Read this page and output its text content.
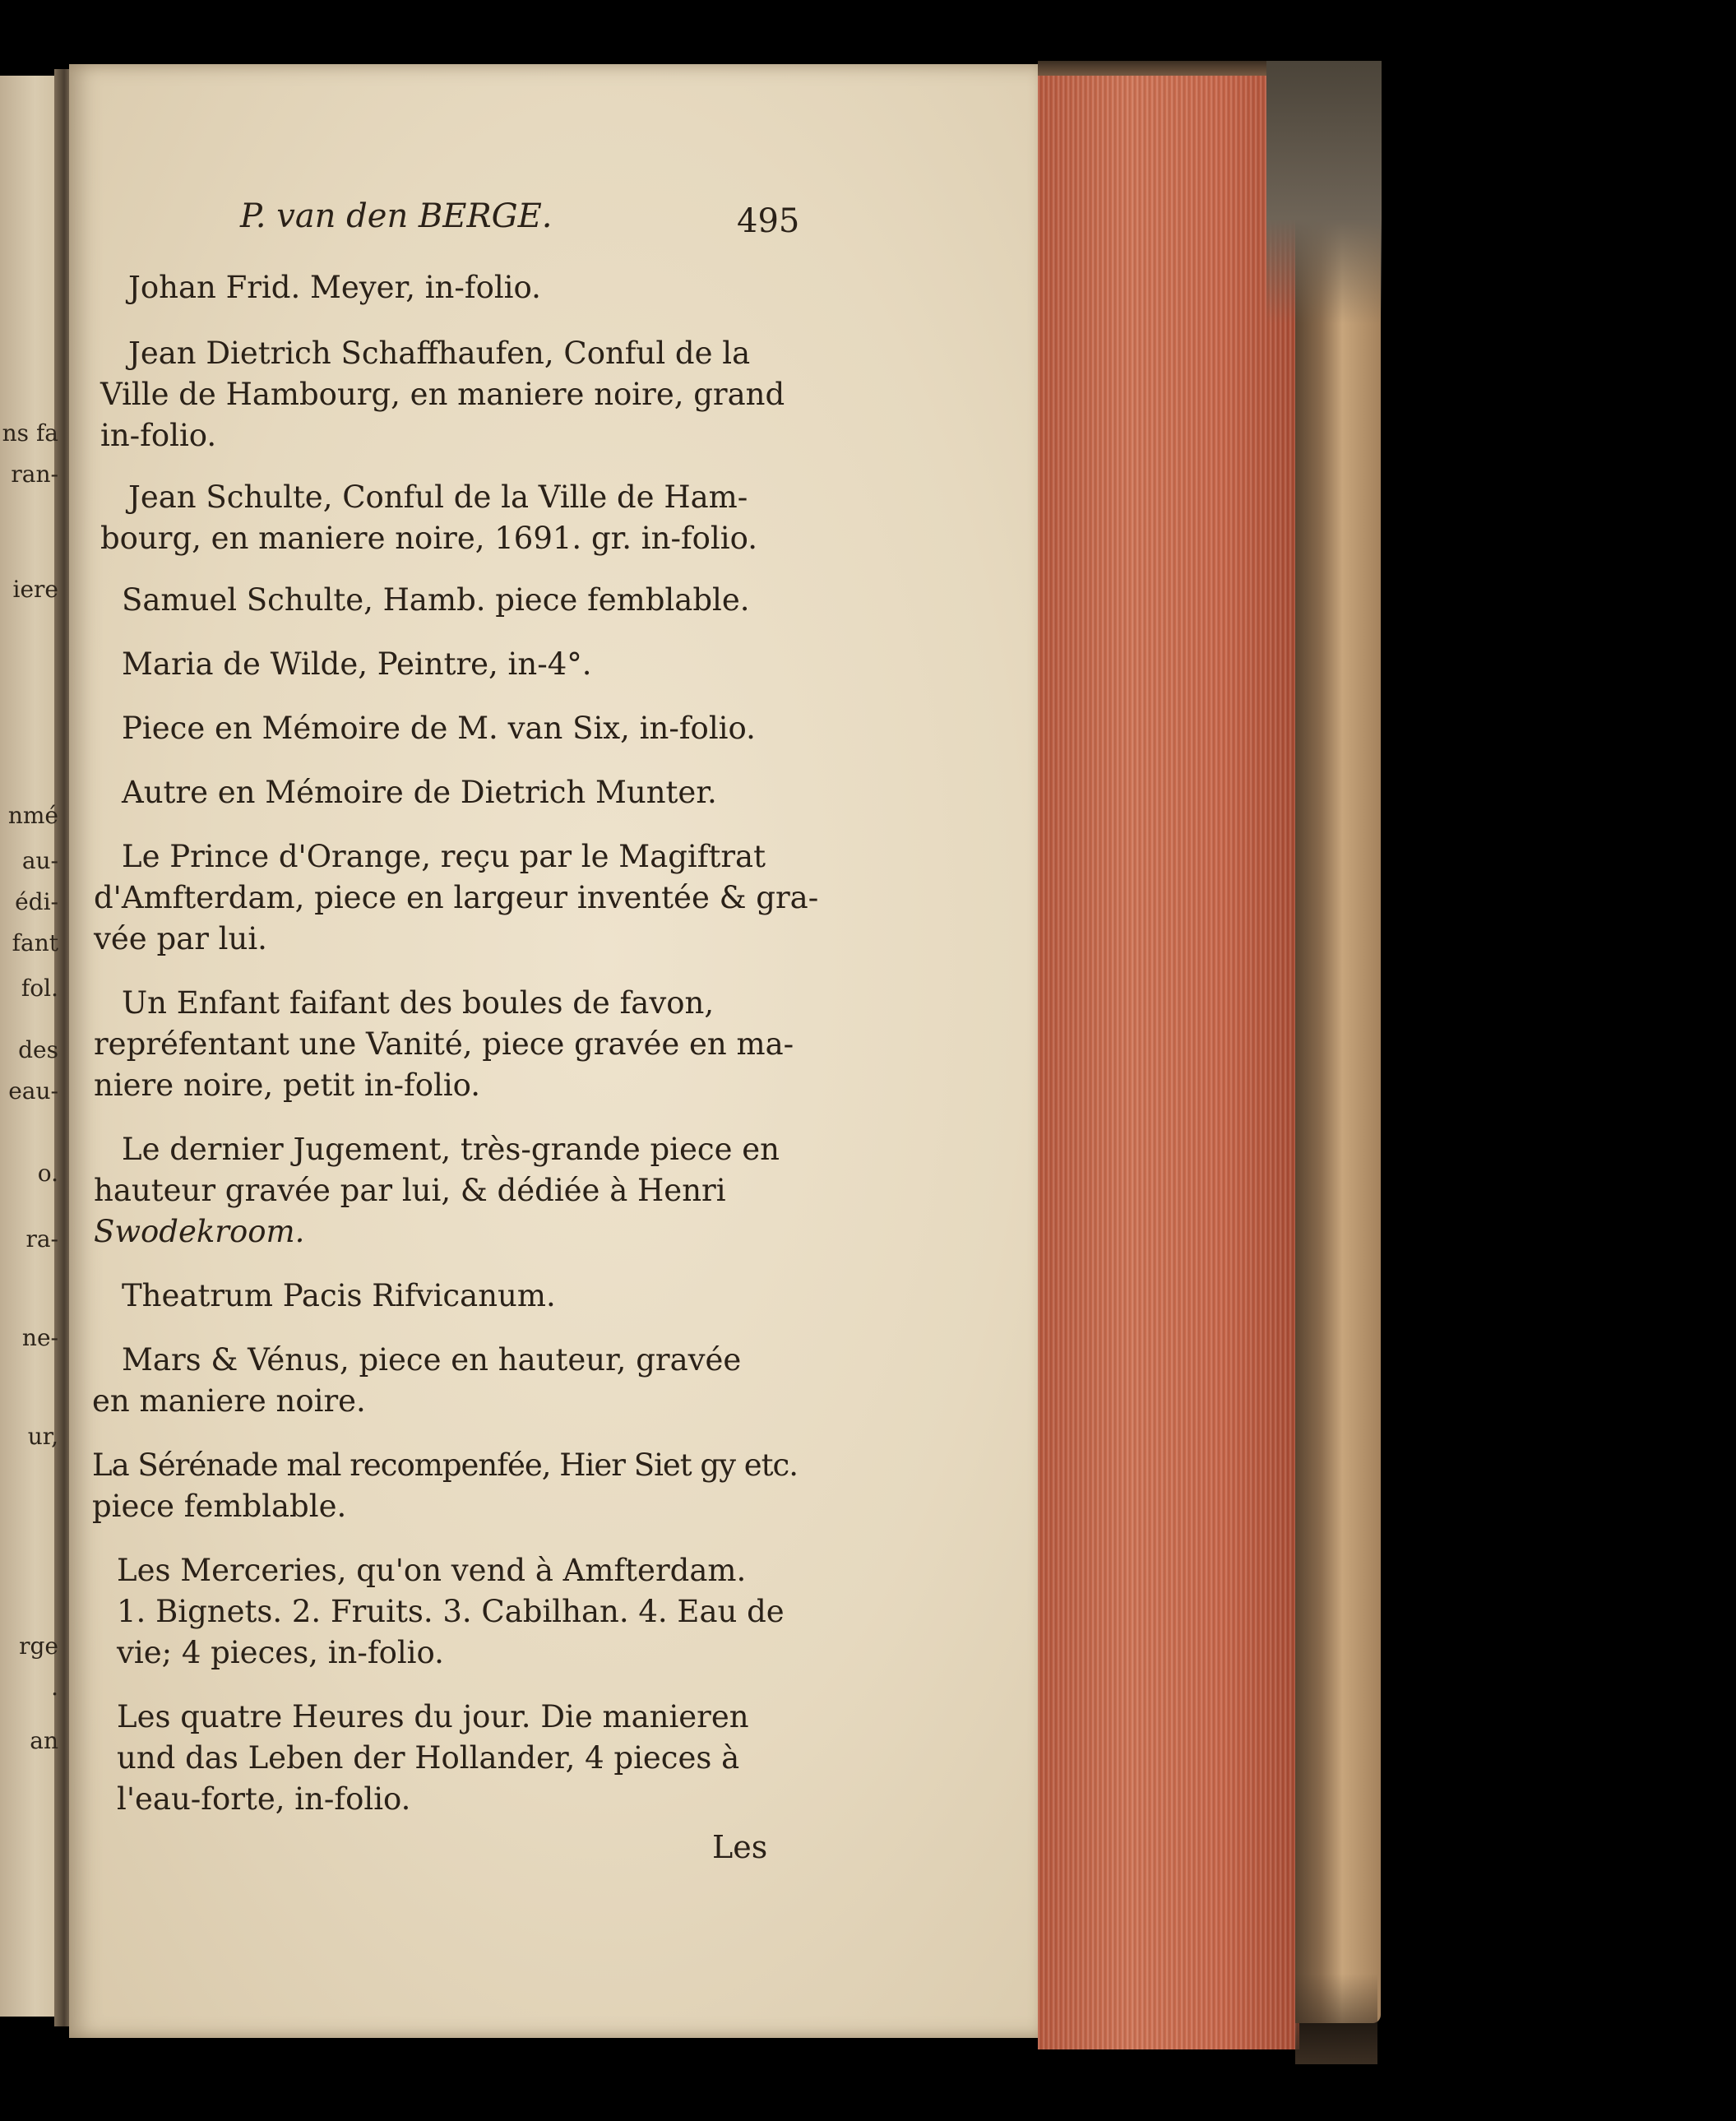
ns fa
ran-
iere
nmé
au-
édi-
fant
fol.
des
eau-
o.
ra-
ne-
ur,
rge
.
an
P. van den BERGE.	495
Johan Frid. Meyer, in-folio.
Jean Dietrich Schaffhaufen, Conful de la
Ville de Hambourg, en maniere noire, grand
in-folio.
Jean Schulte, Conful de la Ville de Ham-
bourg, en maniere noire, 1691. gr. in-folio.
Samuel Schulte, Hamb. piece femblable.
Maria de Wilde, Peintre, in-4°.
Piece en Mémoire de M. van Six, in-folio.
Autre en Mémoire de Dietrich Munter.
Le Prince d'Orange, reçu par le Magiftrat
d'Amfterdam, piece en largeur inventée & gra-
vée par lui.
Un Enfant faifant des boules de favon,
repréfentant une Vanité, piece gravée en ma-
niere noire, petit in-folio.
Le dernier Jugement, très-grande piece en
hauteur gravée par lui, & dédiée à Henri
Swodekroom.
Theatrum Pacis Rifvicanum.
Mars & Vénus, piece en hauteur, gravée
en maniere noire.
La Sérénade mal recompenfée, Hier Siet gy etc.
piece femblable.
Les Merceries, qu'on vend à Amfterdam.
1. Bignets. 2. Fruits. 3. Cabilhan. 4. Eau de
vie; 4 pieces, in-folio.
Les quatre Heures du jour. Die manieren
und das Leben der Hollander, 4 pieces à
l'eau-forte, in-folio.
Les
